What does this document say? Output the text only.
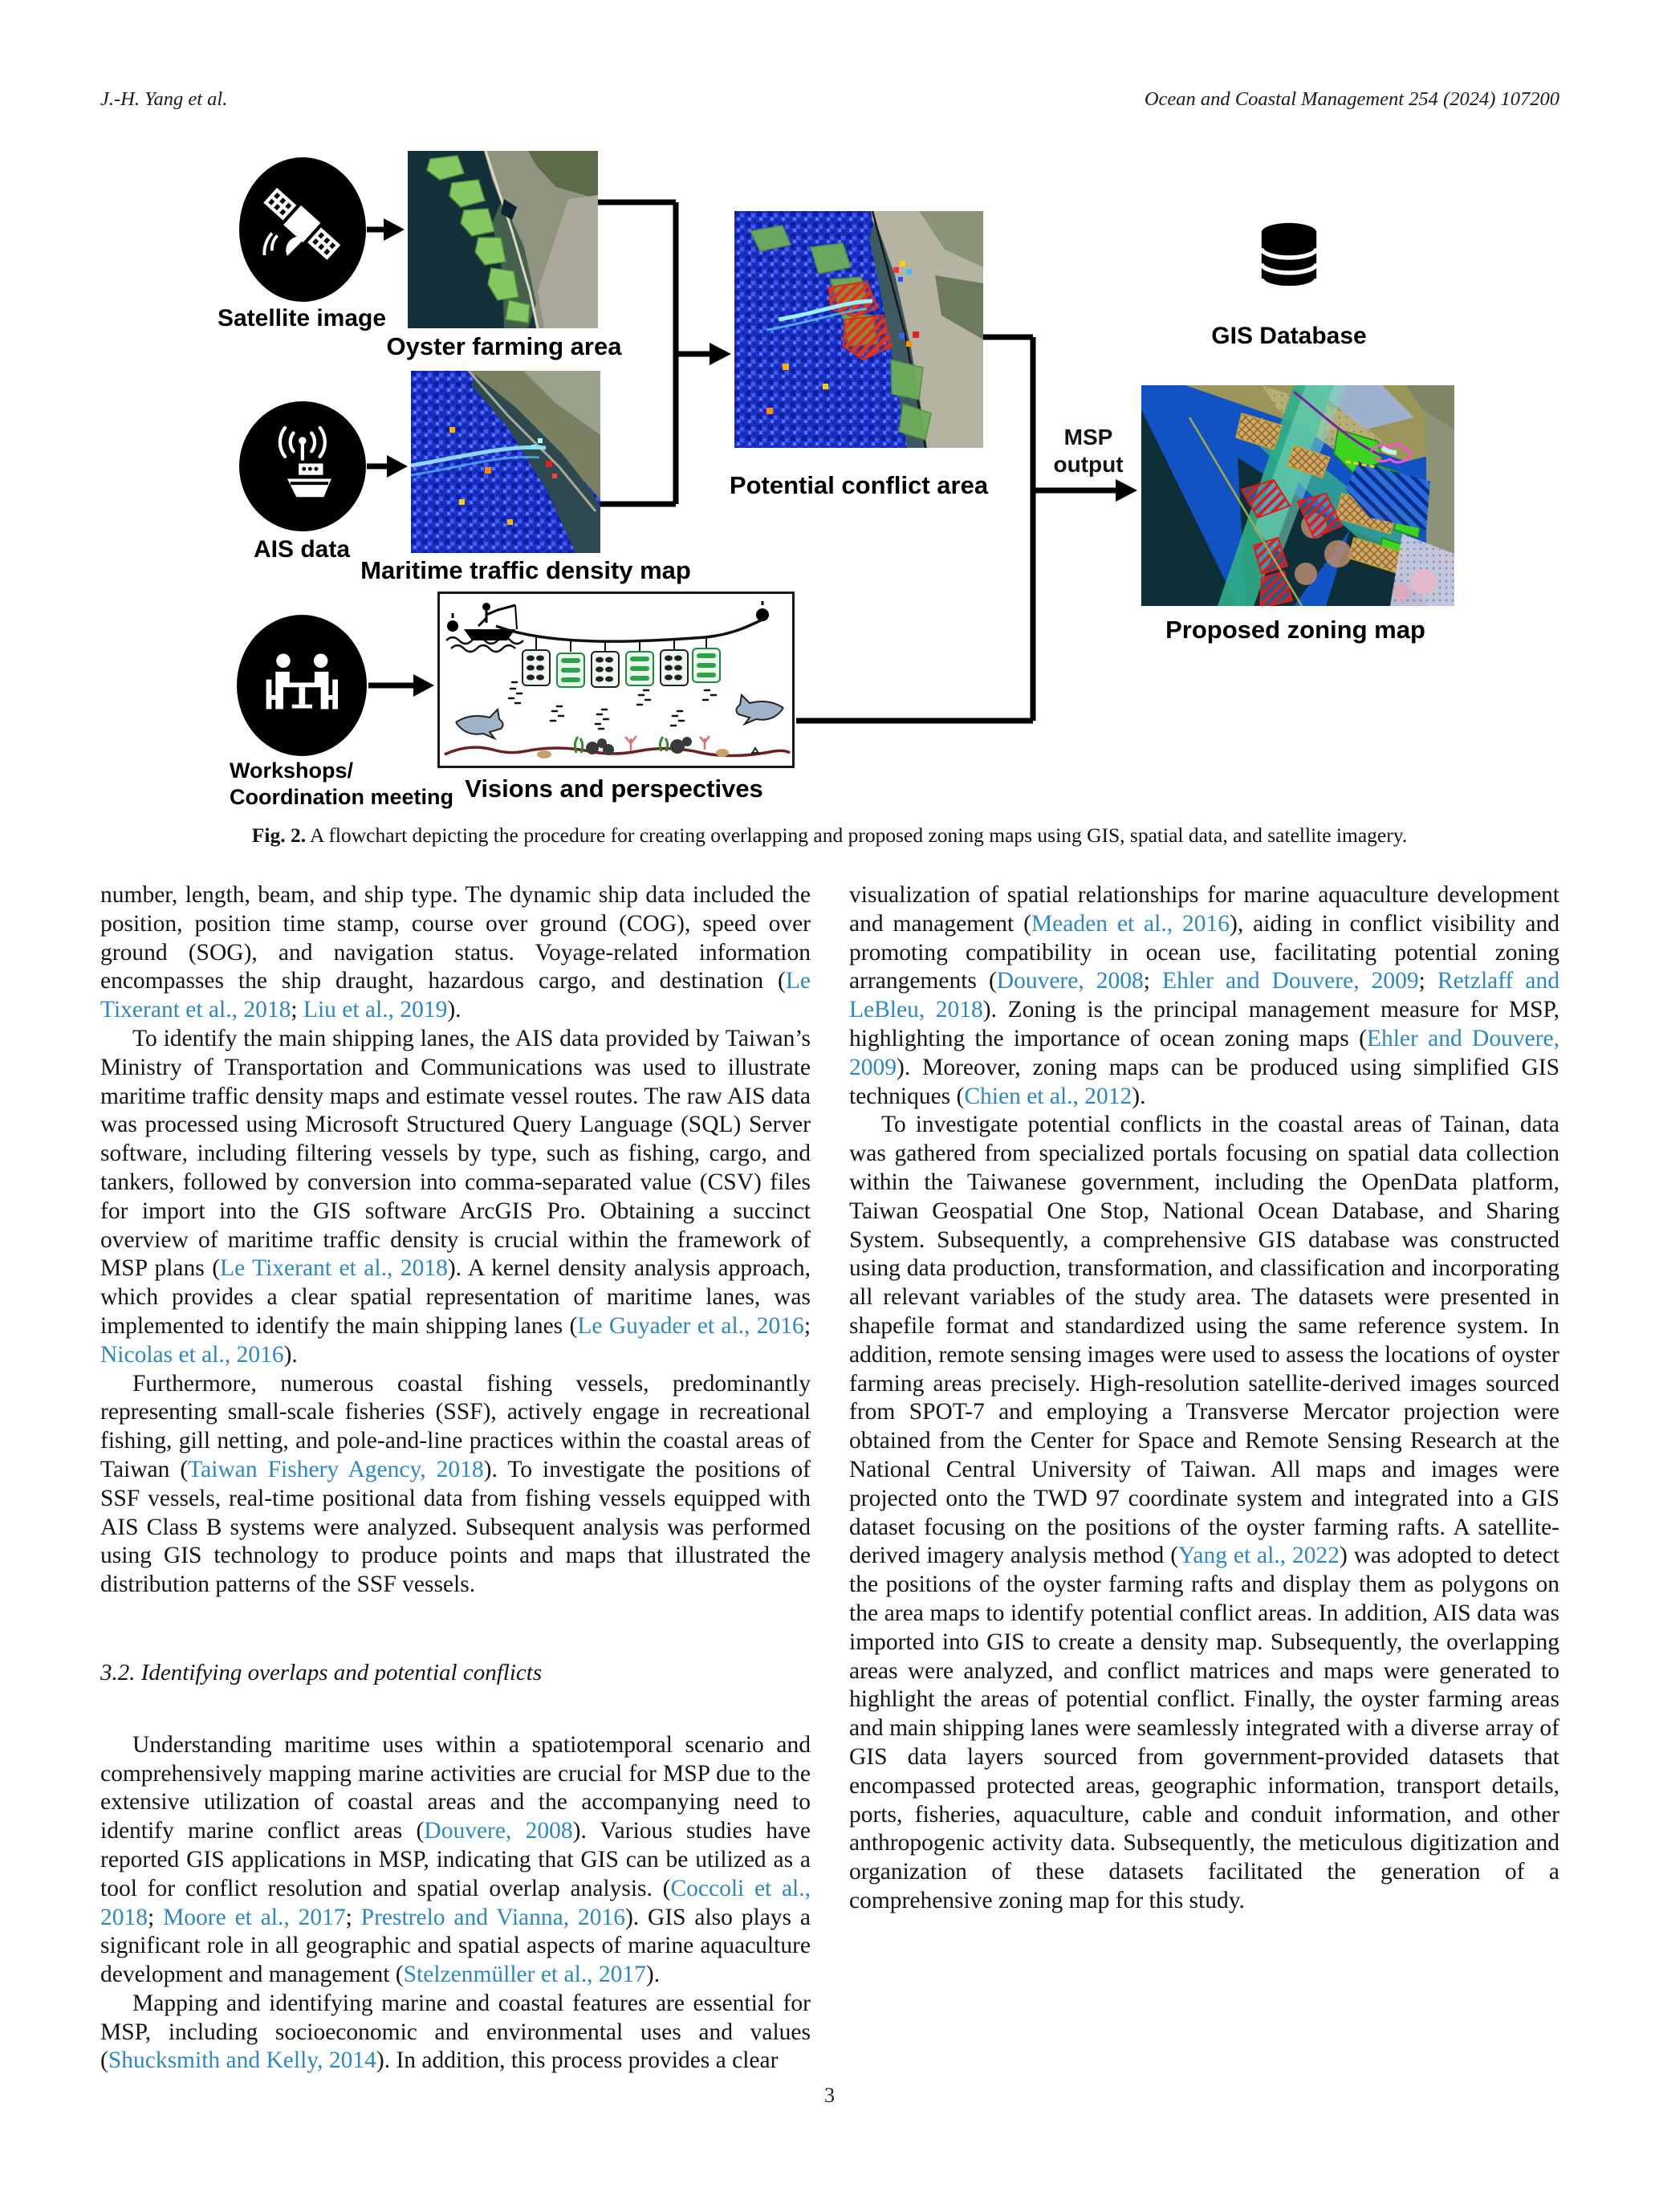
J.-H. Yang et al.	Ocean and Coastal Management 254 (2024) 107200
Satellite image
Oyster farming area
AIS data
Maritime traffic density map
Potential conflict area
MSP
output
GIS Database
Proposed zoning map
Workshops/
Coordination meeting Visions and perspectives
Fig. 2. A flowchart depicting the procedure for creating overlapping and proposed zoning maps using GIS, spatial data, and satellite imagery.

number, length, beam, and ship type. The dynamic ship data included the position, position time stamp, course over ground (COG), speed over ground (SOG), and navigation status. Voyage-related information encompasses the ship draught, hazardous cargo, and destination (Le Tixerant et al., 2018; Liu et al., 2019).

To identify the main shipping lanes, the AIS data provided by Taiwan’s Ministry of Transportation and Communications was used to illustrate maritime traffic density maps and estimate vessel routes. The raw AIS data was processed using Microsoft Structured Query Language (SQL) Server software, including filtering vessels by type, such as fishing, cargo, and tankers, followed by conversion into comma-separated value (CSV) files for import into the GIS software ArcGIS Pro. Obtaining a succinct overview of maritime traffic density is crucial within the framework of MSP plans (Le Tixerant et al., 2018). A kernel density analysis approach, which provides a clear spatial representation of maritime lanes, was implemented to identify the main shipping lanes (Le Guyader et al., 2016; Nicolas et al., 2016).

Furthermore, numerous coastal fishing vessels, predominantly representing small-scale fisheries (SSF), actively engage in recreational fishing, gill netting, and pole-and-line practices within the coastal areas of Taiwan (Taiwan Fishery Agency, 2018). To investigate the positions of SSF vessels, real-time positional data from fishing vessels equipped with AIS Class B systems were analyzed. Subsequent analysis was performed using GIS technology to produce points and maps that illustrated the distribution patterns of the SSF vessels.

3.2. Identifying overlaps and potential conflicts

Understanding maritime uses within a spatiotemporal scenario and comprehensively mapping marine activities are crucial for MSP due to the extensive utilization of coastal areas and the accompanying need to identify marine conflict areas (Douvere, 2008). Various studies have reported GIS applications in MSP, indicating that GIS can be utilized as a tool for conflict resolution and spatial overlap analysis. (Coccoli et al., 2018; Moore et al., 2017; Prestrelo and Vianna, 2016). GIS also plays a significant role in all geographic and spatial aspects of marine aquaculture development and management (Stelzenmüller et al., 2017).

Mapping and identifying marine and coastal features are essential for MSP, including socioeconomic and environmental uses and values (Shucksmith and Kelly, 2014). In addition, this process provides a clear

visualization of spatial relationships for marine aquaculture development and management (Meaden et al., 2016), aiding in conflict visibility and promoting compatibility in ocean use, facilitating potential zoning arrangements (Douvere, 2008; Ehler and Douvere, 2009; Retzlaff and LeBleu, 2018). Zoning is the principal management measure for MSP, highlighting the importance of ocean zoning maps (Ehler and Douvere, 2009). Moreover, zoning maps can be produced using simplified GIS techniques (Chien et al., 2012).

To investigate potential conflicts in the coastal areas of Tainan, data was gathered from specialized portals focusing on spatial data collection within the Taiwanese government, including the OpenData platform, Taiwan Geospatial One Stop, National Ocean Database, and Sharing System. Subsequently, a comprehensive GIS database was constructed using data production, transformation, and classification and incorporating all relevant variables of the study area. The datasets were presented in shapefile format and standardized using the same reference system. In addition, remote sensing images were used to assess the locations of oyster farming areas precisely. High-resolution satellite-derived images sourced from SPOT-7 and employing a Transverse Mercator projection were obtained from the Center for Space and Remote Sensing Research at the National Central University of Taiwan. All maps and images were projected onto the TWD 97 coordinate system and integrated into a GIS dataset focusing on the positions of the oyster farming rafts. A satellite-derived imagery analysis method (Yang et al., 2022) was adopted to detect the positions of the oyster farming rafts and display them as polygons on the area maps to identify potential conflict areas. In addition, AIS data was imported into GIS to create a density map. Subsequently, the overlapping areas were analyzed, and conflict matrices and maps were generated to highlight the areas of potential conflict. Finally, the oyster farming areas and main shipping lanes were seamlessly integrated with a diverse array of GIS data layers sourced from government-provided datasets that encompassed protected areas, geographic information, transport details, ports, fisheries, aquaculture, cable and conduit information, and other anthropogenic activity data. Subsequently, the meticulous digitization and organization of these datasets facilitated the generation of a comprehensive zoning map for this study.

3
